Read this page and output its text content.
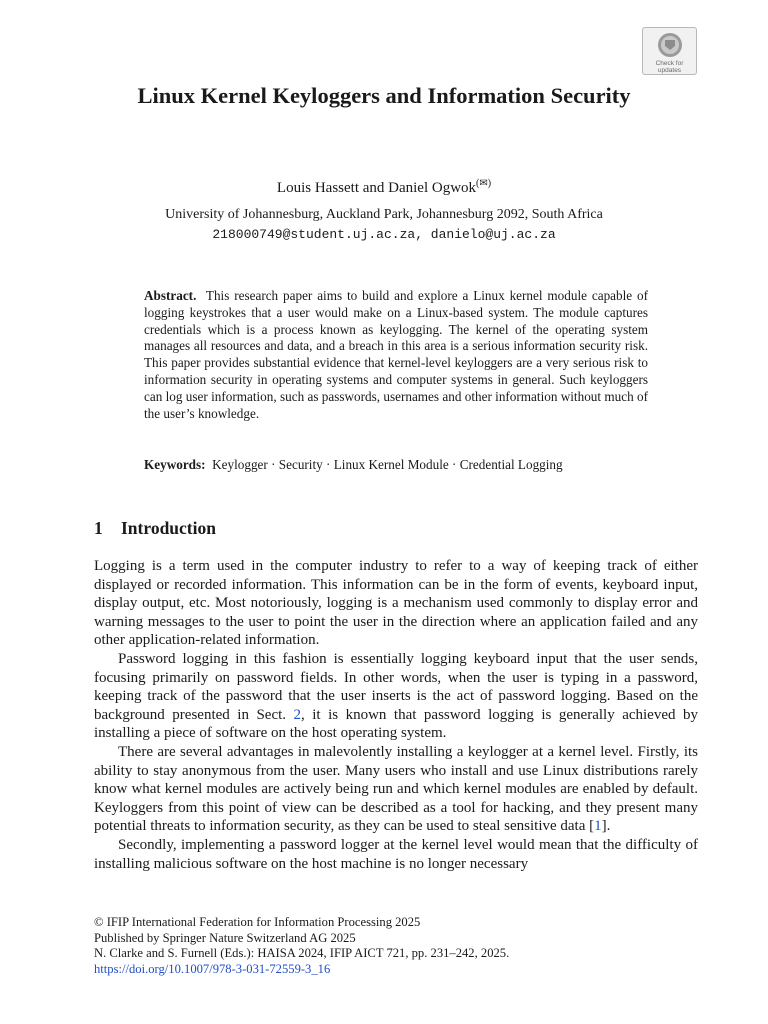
Check for
updates
Linux Kernel Keyloggers and Information Security
Louis Hassett and Daniel Ogwok(✉)
University of Johannesburg, Auckland Park, Johannesburg 2092, South Africa
218000749@student.uj.ac.za, danielo@uj.ac.za

Abstract. This research paper aims to build and explore a Linux kernel module capable of logging keystrokes that a user would make on a Linux-based system. The module captures credentials which is a process known as keylogging. The kernel of the operating system manages all resources and data, and a breach in this area is a serious information security risk. This paper provides substantial evidence that kernel-level keyloggers are a very serious risk to information security in operating systems and computer systems in general. Such keyloggers can log user information, such as passwords, usernames and other information without much of the user’s knowledge.

Keywords: Keylogger · Security · Linux Kernel Module · Credential Logging

1 Introduction

Logging is a term used in the computer industry to refer to a way of keeping track of either displayed or recorded information. This information can be in the form of events, keyboard input, display output, etc. Most notoriously, logging is a mechanism used commonly to display error and warning messages to the user to point the user in the direction where an application failed and any other application-related information.

Password logging in this fashion is essentially logging keyboard input that the user sends, focusing primarily on password fields. In other words, when the user is typing in a password, keeping track of the password that the user inserts is the act of password logging. Based on the background presented in Sect. 2, it is known that password logging is generally achieved by installing a piece of software on the host operating system.

There are several advantages in malevolently installing a keylogger at a kernel level. Firstly, its ability to stay anonymous from the user. Many users who install and use Linux distributions rarely know what kernel modules are actively being run and which kernel modules are enabled by default. Keyloggers from this point of view can be described as a tool for hacking, and they present many potential threats to information security, as they can be used to steal sensitive data [1].

Secondly, implementing a password logger at the kernel level would mean that the difficulty of installing malicious software on the host machine is no longer necessary

© IFIP International Federation for Information Processing 2025
Published by Springer Nature Switzerland AG 2025
N. Clarke and S. Furnell (Eds.): HAISA 2024, IFIP AICT 721, pp. 231–242, 2025.
https://doi.org/10.1007/978-3-031-72559-3_16
